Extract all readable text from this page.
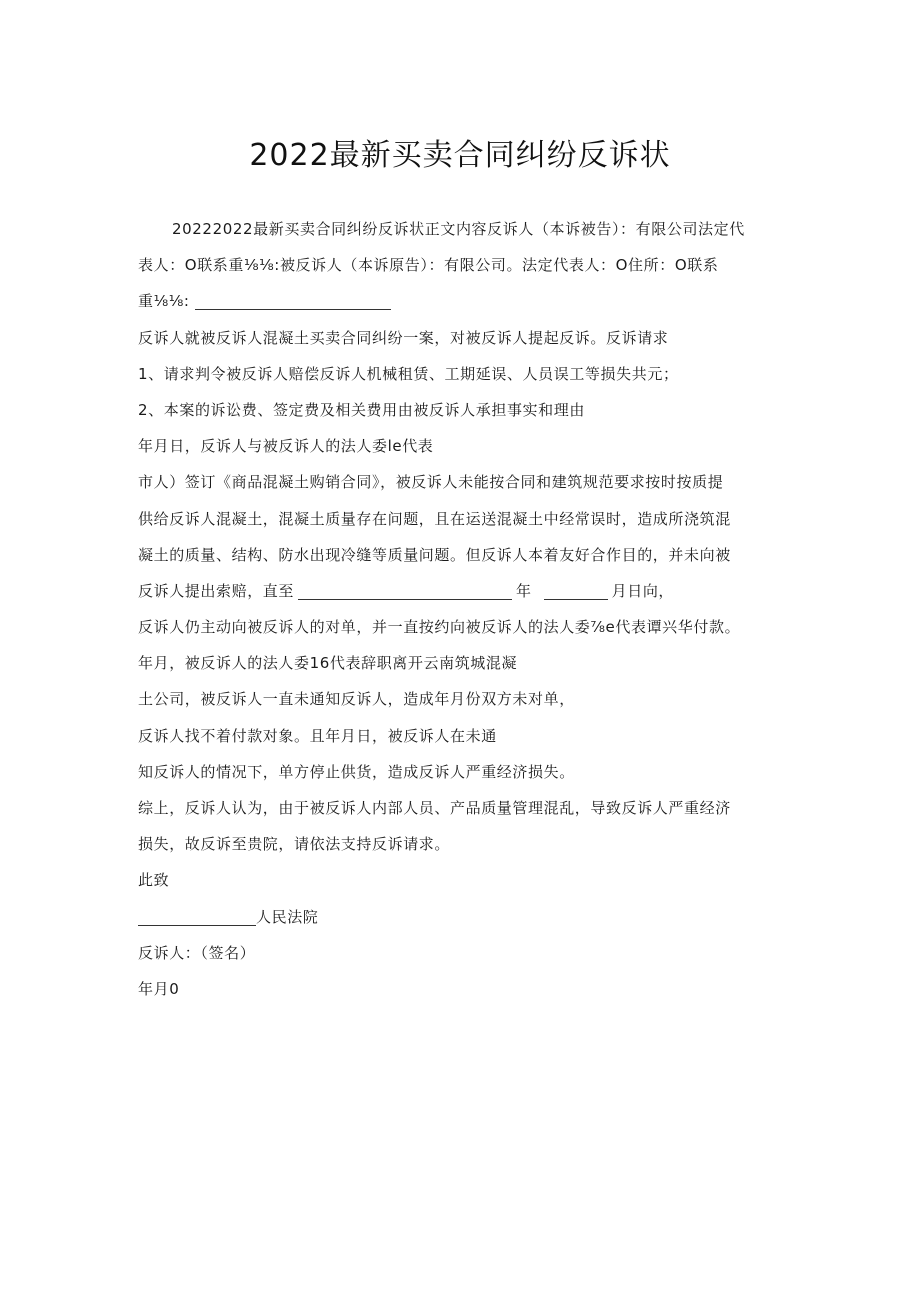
2022最新买卖合同纠纷反诉状
20222022最新买卖合同纠纷反诉状正文内容反诉人（本诉被告）：有限公司法定代
表人：O联系重⅛⅛:被反诉人（本诉原告）：有限公司。法定代表人：O住所：O联系
重⅛⅛:
反诉人就被反诉人混凝土买卖合同纠纷一案，对被反诉人提起反诉。反诉请求
1、请求判令被反诉人赔偿反诉人机械租赁、工期延误、人员误工等损失共元；
2、本案的诉讼费、签定费及相关费用由被反诉人承担事实和理由
年月日，反诉人与被反诉人的法人委le代表
市人）签订《商品混凝土购销合同》，被反诉人未能按合同和建筑规范要求按时按质提
供给反诉人混凝土，混凝土质量存在问题，且在运送混凝土中经常误时，造成所浇筑混
凝土的质量、结构、防水出现冷缝等质量问题。但反诉人本着友好合作目的，并未向被
反诉人提出索赔，直至	年	月日向，
反诉人仍主动向被反诉人的对单，并一直按约向被反诉人的法人委⅞e代表谭兴华付款。
年月，被反诉人的法人委16代表辞职离开云南筑城混凝
土公司，被反诉人一直未通知反诉人，造成年月份双方未对单，
反诉人找不着付款对象。且年月日，被反诉人在未通
知反诉人的情况下，单方停止供货，造成反诉人严重经济损失。
综上，反诉人认为，由于被反诉人内部人员、产品质量管理混乱，导致反诉人严重经济
损失，故反诉至贵院，请依法支持反诉请求。
此致
人民法院
反诉人：（签名）
年月0
